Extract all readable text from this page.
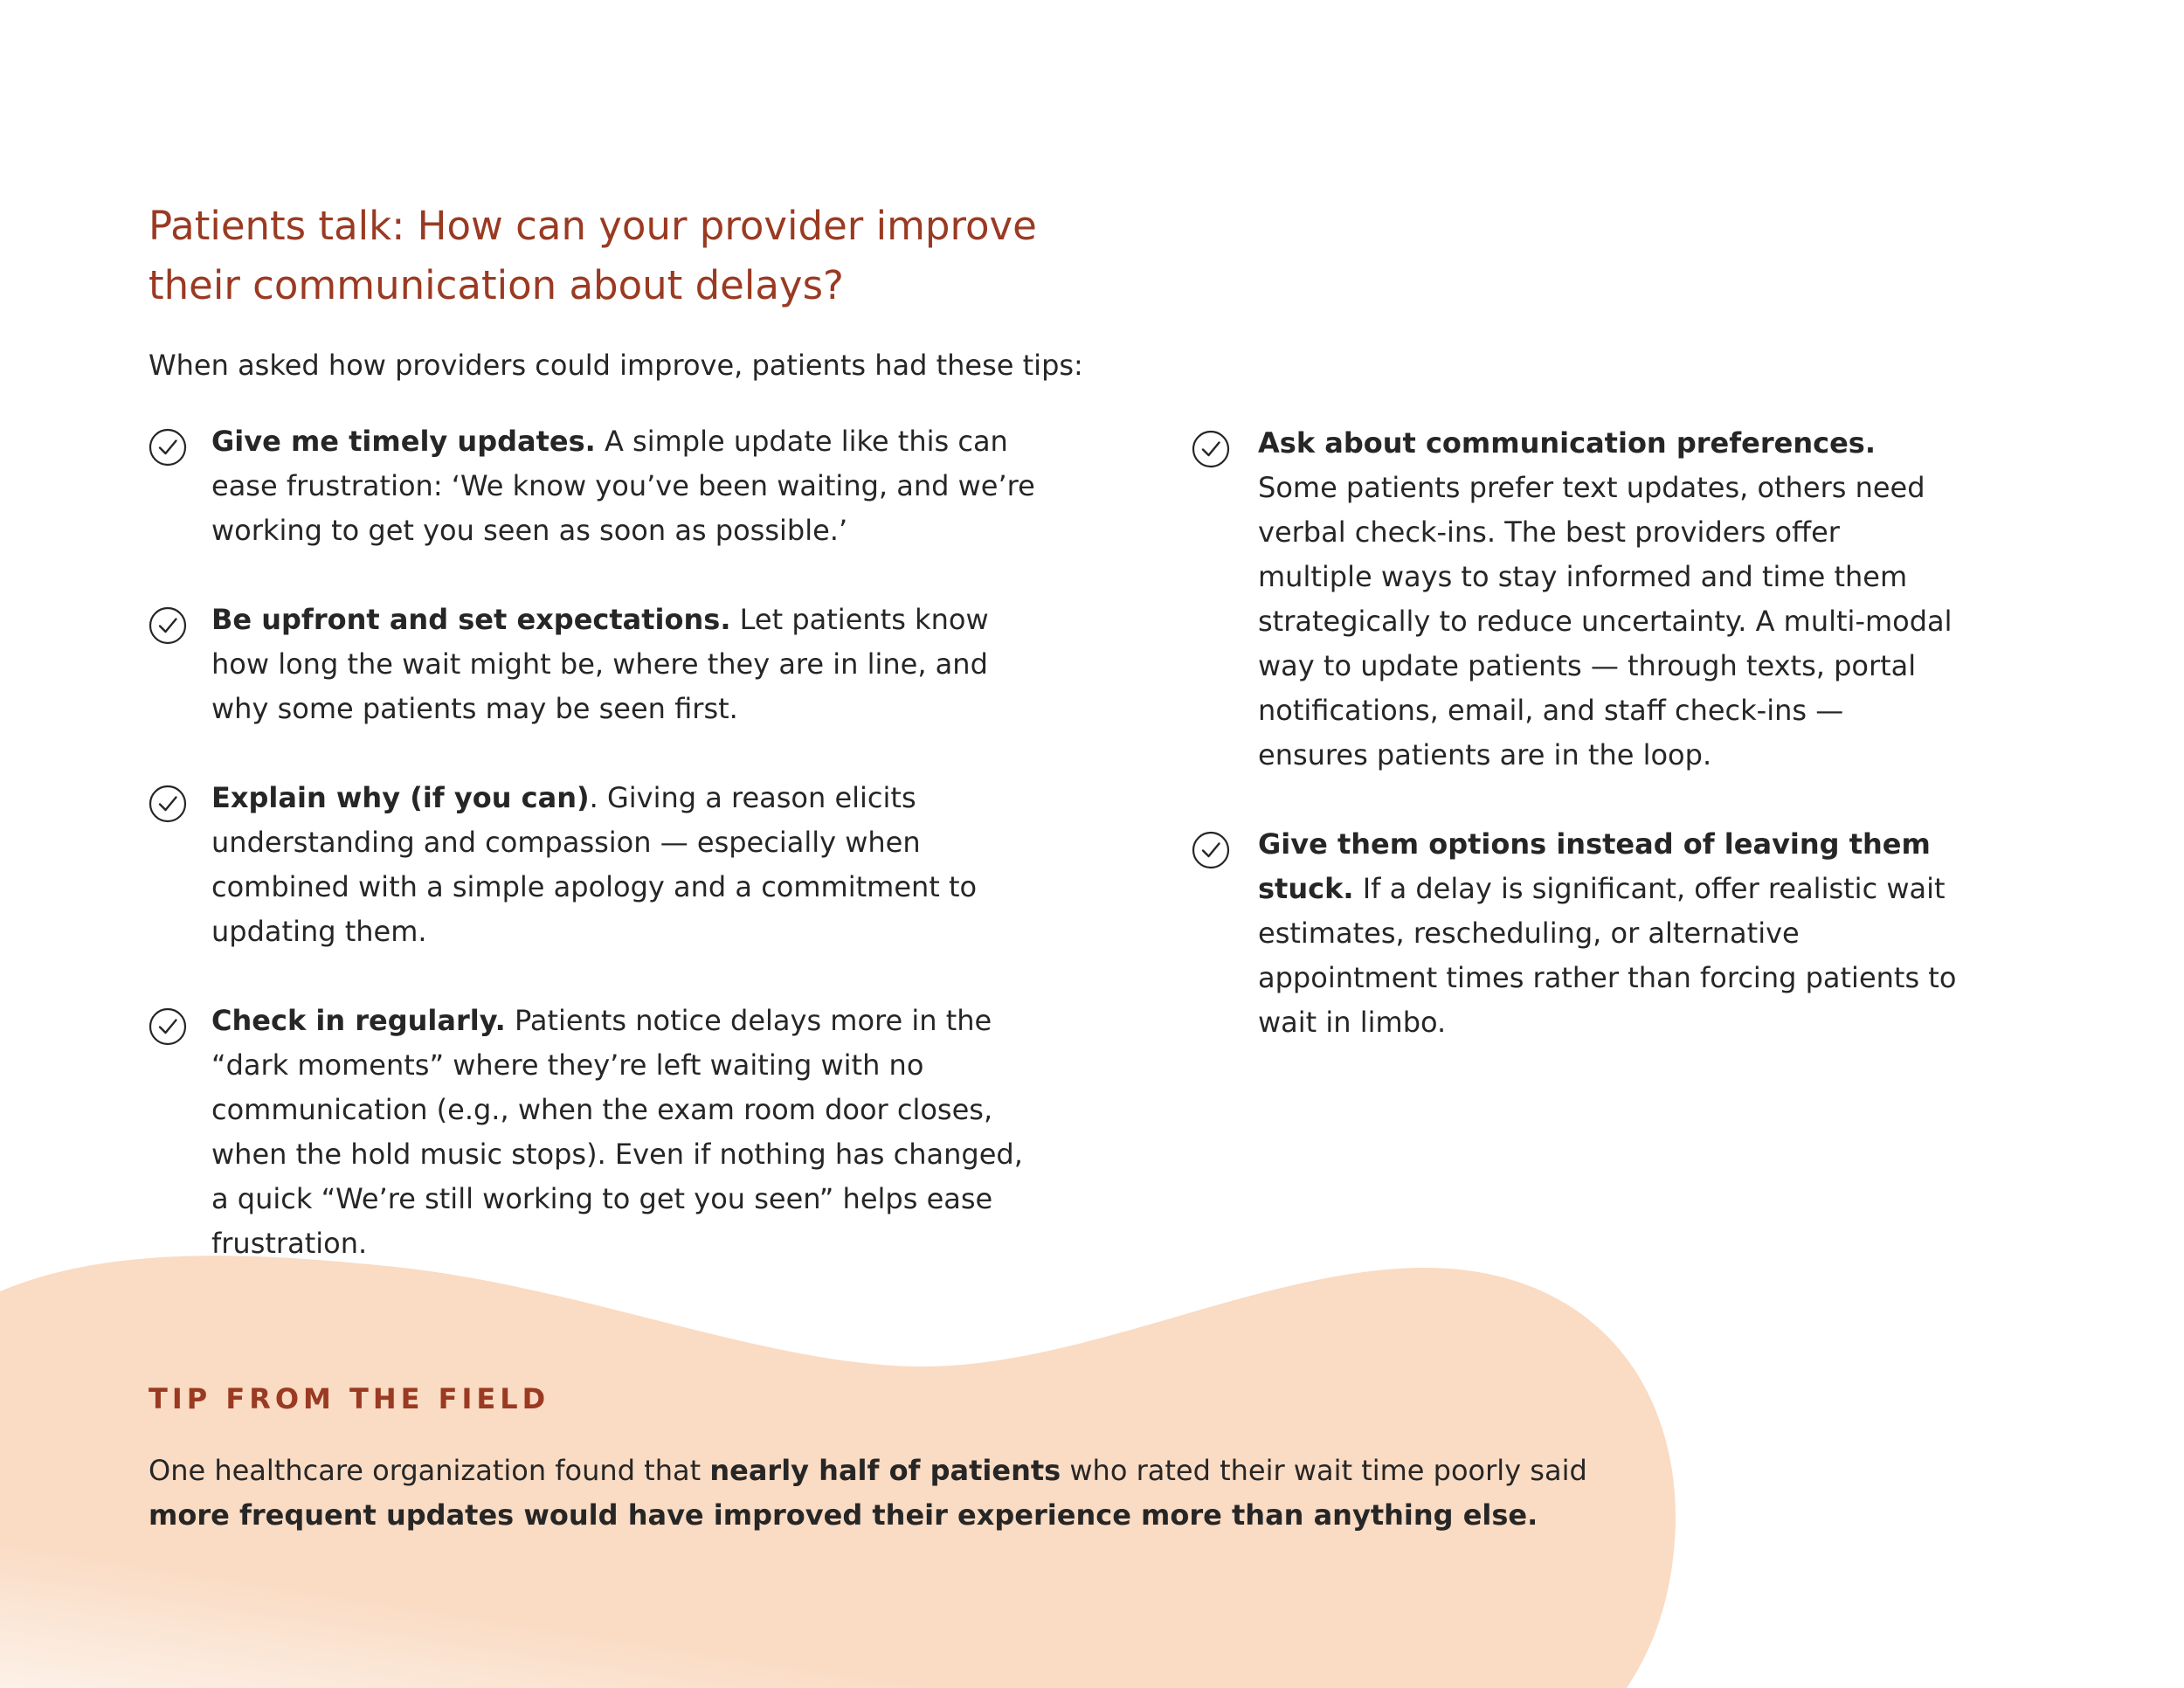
Patients talk: How can your provider improve their communication about delays?

When asked how providers could improve, patients had these tips:

Give me timely updates. A simple update like this can ease frustration: ‘We know you’ve been waiting, and we’re working to get you seen as soon as possible.’
Be upfront and set expectations. Let patients know how long the wait might be, where they are in line, and why some patients may be seen first.
Explain why (if you can). Giving a reason elicits understanding and compassion — especially when combined with a simple apology and a commitment to updating them.
Check in regularly. Patients notice delays more in the “dark moments” where they’re left waiting with no communication (e.g., when the exam room door closes, when the hold music stops). Even if nothing has changed, a quick “We’re still working to get you seen” helps ease frustration.
Ask about communication preferences. Some patients prefer text updates, others need verbal check-ins. The best providers offer multiple ways to stay informed and time them strategically to reduce uncertainty. A multi-modal way to update patients — through texts, portal notifications, email, and staff check-ins — ensures patients are in the loop.
Give them options instead of leaving them stuck. If a delay is significant, offer realistic wait estimates, rescheduling, or alternative appointment times rather than forcing patients to wait in limbo.
TIP FROM THE FIELD

One healthcare organization found that nearly half of patients who rated their wait time poorly said more frequent updates would have improved their experience more than anything else.
